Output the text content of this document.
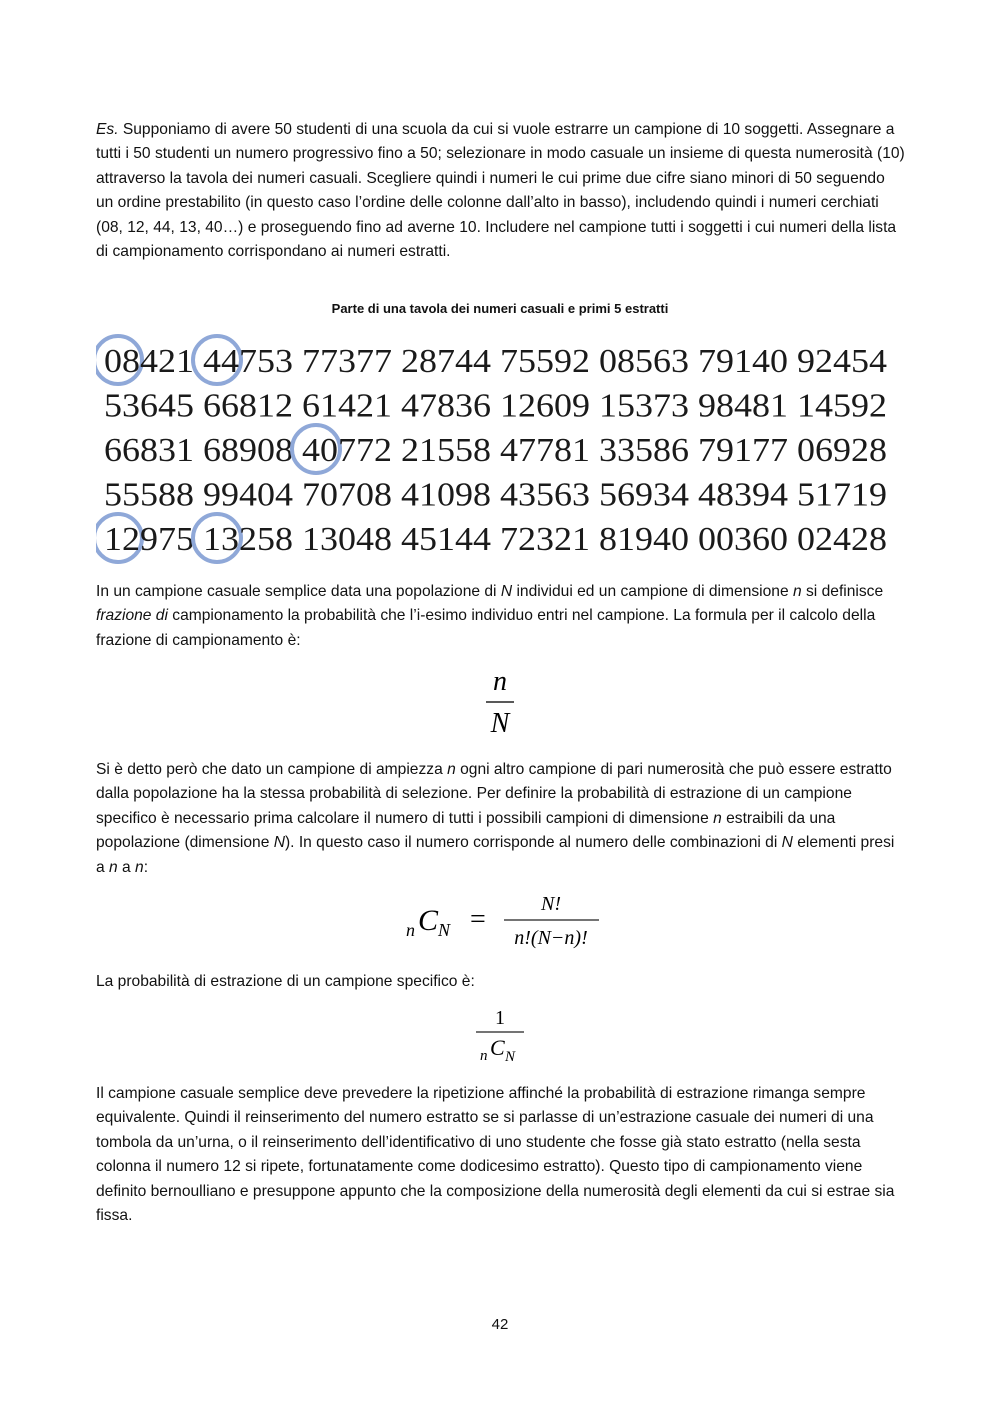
Es. Supponiamo di avere 50 studenti di una scuola da cui si vuole estrarre un campione di 10 soggetti. Assegnare a tutti i 50 studenti un numero progressivo fino a 50; selezionare in modo casuale un insieme di questa numerosità (10) attraverso la tavola dei numeri casuali. Scegliere quindi i numeri le cui prime due cifre siano minori di 50 seguendo un ordine prestabilito (in questo caso l’ordine delle colonne dall’alto in basso), includendo quindi i numeri cerchiati (08, 12, 44, 13, 40…) e proseguendo fino ad averne 10. Includere nel campione tutti i soggetti i cui numeri della lista di campionamento corrispondano ai numeri estratti.

Parte di una tavola dei numeri casuali e primi 5 estratti

08421 44753 77377 28744 75592 08563 79140 92454
53645 66812 61421 47836 12609 15373 98481 14592
66831 68908 40772 21558 47781 33586 79177 06928
55588 99404 70708 41098 43563 56934 48394 51719
12975 13258 13048 45144 72321 81940 00360 02428

In un campione casuale semplice data una popolazione di N individui ed un campione di dimensione n si definisce frazione di campionamento la probabilità che l’i-esimo individuo entri nel campione. La formula per il calcolo della frazione di campionamento è:

n
N

Si è detto però che dato un campione di ampiezza n ogni altro campione di pari numerosità che può essere estratto dalla popolazione ha la stessa probabilità di selezione. Per definire la probabilità di estrazione di un campione specifico è necessario prima calcolare il numero di tutti i possibili campioni di dimensione n estraibili da una popolazione (dimensione N). In questo caso il numero corrisponde al numero delle combinazioni di N elementi presi a n a n:

n C N =	N!
n!(N−n)!

La probabilità di estrazione di un campione specifico è:

1
n C N

Il campione casuale semplice deve prevedere la ripetizione affinché la probabilità di estrazione rimanga sempre equivalente. Quindi il reinserimento del numero estratto se si parlasse di un’estrazione casuale dei numeri di una tombola da un’urna, o il reinserimento dell’identificativo di uno studente che fosse già stato estratto (nella sesta colonna il numero 12 si ripete, fortunatamente come dodicesimo estratto). Questo tipo di campionamento viene definito bernoulliano e presuppone appunto che la composizione della numerosità degli elementi da cui si estrae sia fissa.

42
